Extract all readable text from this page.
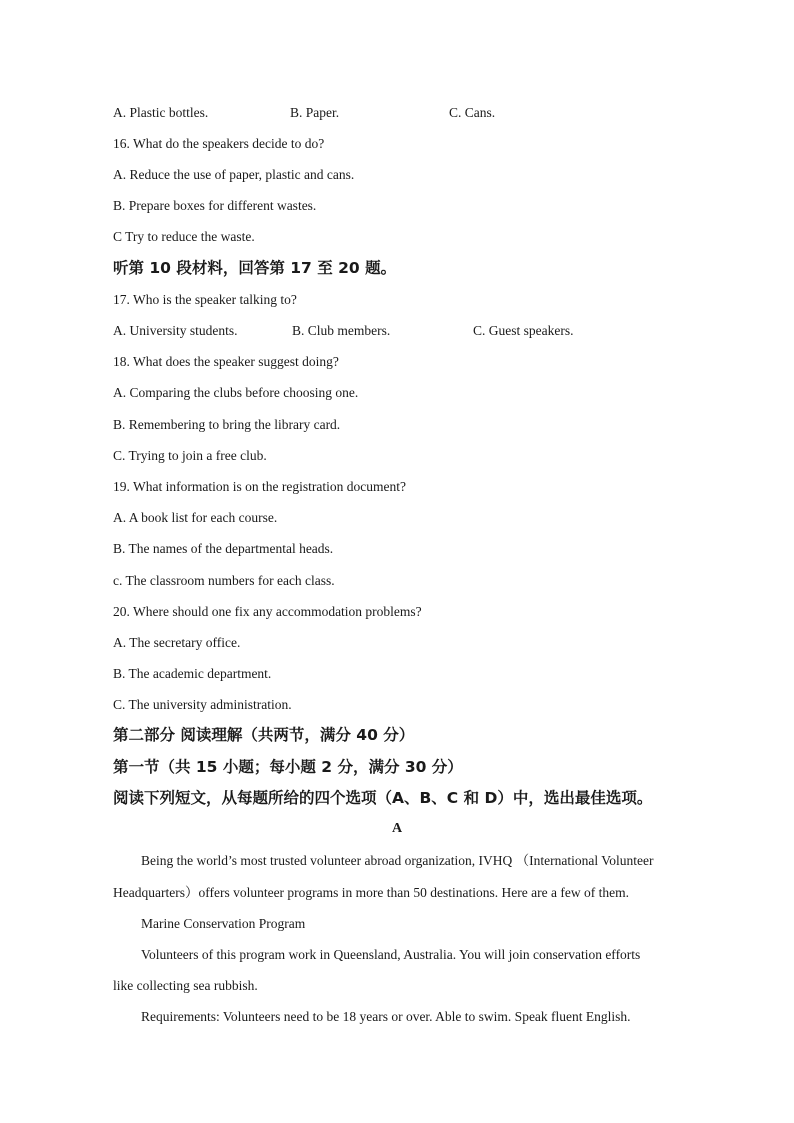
A. Plastic bottles.	B. Paper.	C. Cans.
16. What do the speakers decide to do?
A. Reduce the use of paper, plastic and cans.
B. Prepare boxes for different wastes.
C Try to reduce the waste.
听第 10 段材料，回答第 17 至 20 题。
17. Who is the speaker talking to?
A. University students.	B. Club members.	C. Guest speakers.
18. What does the speaker suggest doing?
A. Comparing the clubs before choosing one.
B. Remembering to bring the library card.
C. Trying to join a free club.
19. What information is on the registration document?
A. A book list for each course.
B. The names of the departmental heads.
c. The classroom numbers for each class.
20. Where should one fix any accommodation problems?
A. The secretary office.
B. The academic department.
C. The university administration.
第二部分 阅读理解（共两节，满分 40 分）
第一节（共 15 小题；每小题 2 分，满分 30 分）
阅读下列短文，从每题所给的四个选项（A、B、C 和 D）中，选出最佳选项。
A
Being the world’s most trusted volunteer abroad organization, IVHQ （International Volunteer
Headquarters）offers volunteer programs in more than 50 destinations. Here are a few of them.
Marine Conservation Program
Volunteers of this program work in Queensland, Australia. You will join conservation efforts
like collecting sea rubbish.
Requirements: Volunteers need to be 18 years or over. Able to swim. Speak fluent English.
